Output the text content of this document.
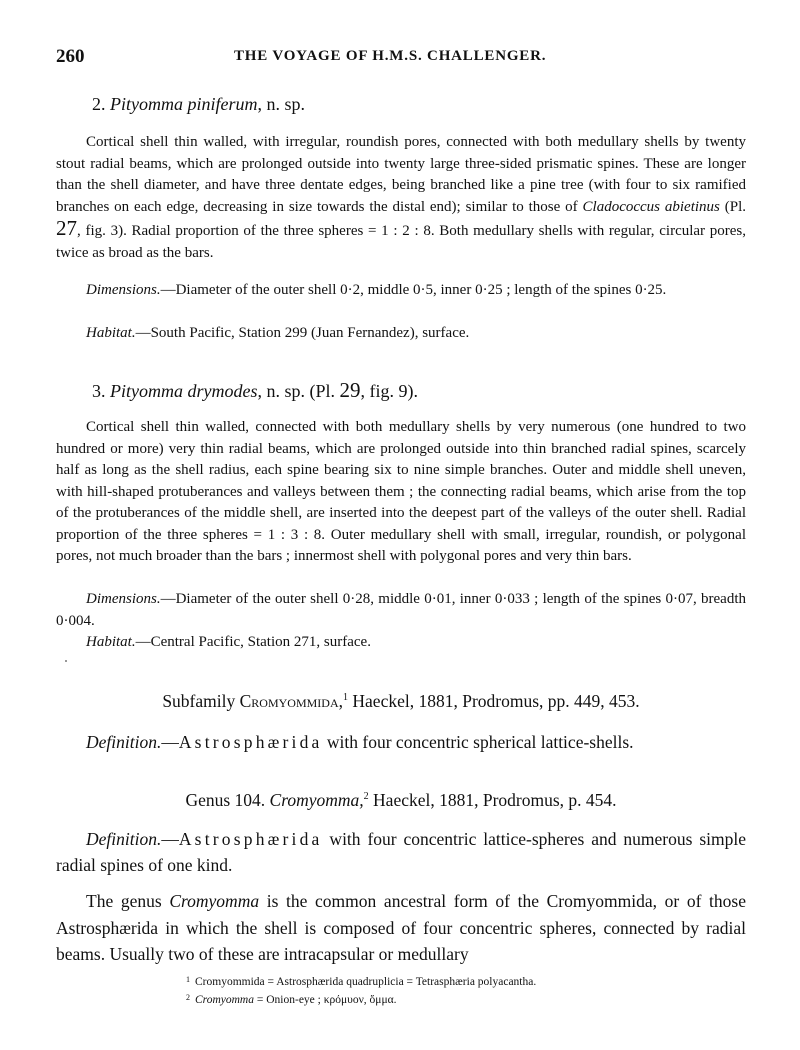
260	THE VOYAGE OF H.M.S. CHALLENGER.
2. Pityomma piniferum, n. sp.

Cortical shell thin walled, with irregular, roundish pores, connected with both medullary shells by twenty stout radial beams, which are prolonged outside into twenty large three-sided prismatic spines. These are longer than the shell diameter, and have three dentate edges, being branched like a pine tree (with four to six ramified branches on each edge, decreasing in size towards the distal end); similar to those of Cladococcus abietinus (Pl. 27, fig. 3). Radial proportion of the three spheres = 1 : 2 : 8. Both medullary shells with regular, circular pores, twice as broad as the bars.

Dimensions.—Diameter of the outer shell 0·2, middle 0·5, inner 0·25 ; length of the spines 0·25.

Habitat.—South Pacific, Station 299 (Juan Fernandez), surface.

3. Pityomma drymodes, n. sp. (Pl. 29, fig. 9).

Cortical shell thin walled, connected with both medullary shells by very numerous (one hundred to two hundred or more) very thin radial beams, which are prolonged outside into thin branched radial spines, scarcely half as long as the shell radius, each spine bearing six to nine simple branches. Outer and middle shell uneven, with hill-shaped protuberances and valleys between them ; the connecting radial beams, which arise from the top of the protuberances of the middle shell, are inserted into the deepest part of the valleys of the outer shell. Radial proportion of the three spheres = 1 : 3 : 8. Outer medullary shell with small, irregular, roundish, or polygonal pores, not much broader than the bars ; innermost shell with polygonal pores and very thin bars.

Dimensions.—Diameter of the outer shell 0·28, middle 0·01, inner 0·033 ; length of the spines 0·07, breadth 0·004.

Habitat.—Central Pacific, Station 271, surface.

Subfamily Cromyommida,$^1$ Haeckel, 1881, Prodromus, pp. 449, 453.

Definition.—Astrosphærida with four concentric spherical lattice-shells.

Genus 104. Cromyomma,$^2$ Haeckel, 1881, Prodromus, p. 454.

Definition.—Astrosphærida with four concentric lattice-spheres and numerous simple radial spines of one kind.

The genus Cromyomma is the common ancestral form of the Cromyommida, or of those Astrosphærida in which the shell is composed of four concentric spheres, connected by radial beams. Usually two of these are intracapsular or medullary

$^1$ Cromyommida = Astrosphærida quadruplicia = Tetrasphæria polyacantha.
$^2$ Cromyomma = Onion-eye ; κρόμυον, ὄμμα.
